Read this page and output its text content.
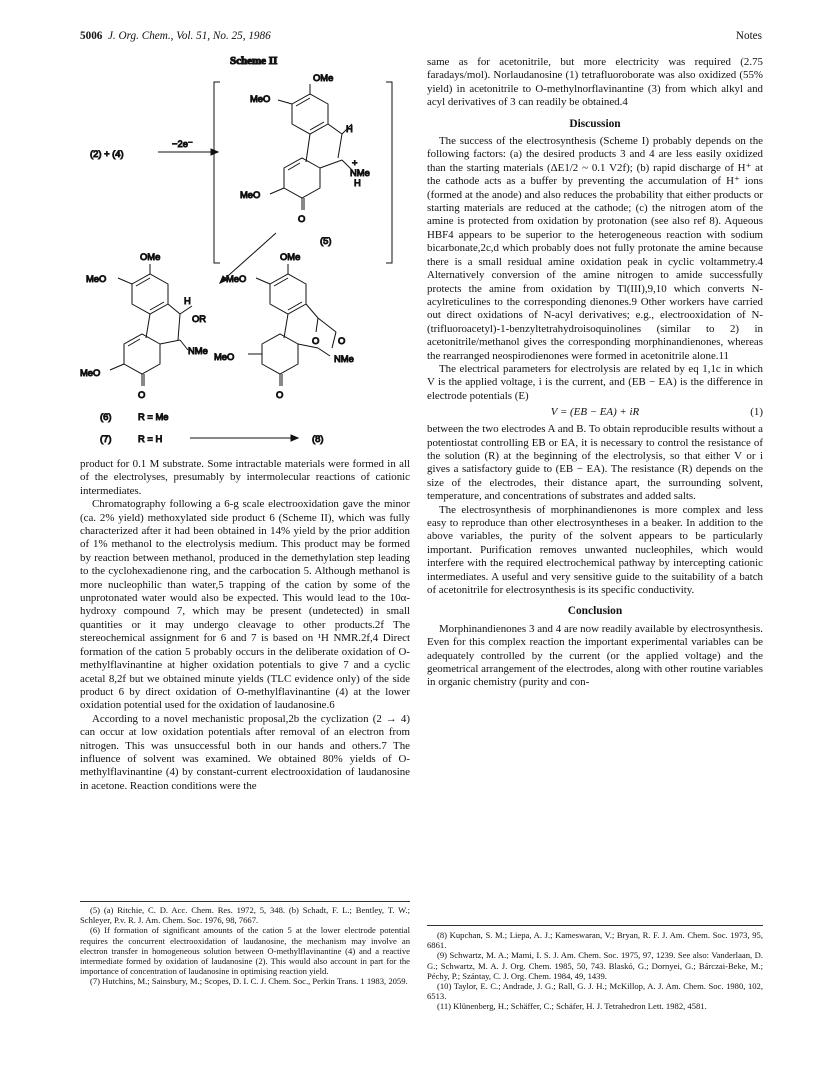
5006 J. Org. Chem., Vol. 51, No. 25, 1986	Notes
Scheme II
(2) + (4)
−2e⁻
OMe
MeO
H
+
NMe
H
MeO
O
(5)
OMe
MeO
H
OR
NMe
MeO
O
OMe
MeO
O O
NMe
MeO
O
(6)	R = Me
(7)	R = H	(8)

product for 0.1 M substrate. Some intractable materials were formed in all of the electrolyses, presumably by intermolecular reactions of cationic intermediates.

Chromatography following a 6-g scale electrooxidation gave the minor (ca. 2% yield) methoxylated side product 6 (Scheme II), which was fully characterized after it had been obtained in 14% yield by the prior addition of 1% methanol to the electrolysis medium. This product may be formed by reaction between methanol, produced in the demethylation step leading to the cyclohexadienone ring, and the carbocation 5. Although methanol is more nucleophilic than water,5 trapping of the cation by some of the unprotonated water would also be expected. This would lead to the 10α-hydroxy compound 7, which may be present (undetected) in small quantities or it may undergo cleavage to other products.2f The stereochemical assignment for 6 and 7 is based on ¹H NMR.2f,4 Direct formation of the cation 5 probably occurs in the deliberate oxidation of O-methylflavinantine at higher oxidation potentials to give 7 and a cyclic acetal 8,2f but we obtained minute yields (TLC evidence only) of the side product 6 by direct oxidation of O-methylflavinantine (4) at the lower oxidation potential used for the oxidation of laudanosine.6

According to a novel mechanistic proposal,2b the cyclization (2 → 4) can occur at low oxidation potentials after removal of an electron from nitrogen. This was unsuccessful both in our hands and others.7 The influence of solvent was examined. We obtained 80% yields of O-methylflavinantine (4) by constant-current electrooxidation of laudanosine in acetone. Reaction conditions were the

same as for acetonitrile, but more electricity was required (2.75 faradays/mol). Norlaudanosine (1) tetrafluoroborate was also oxidized (55% yield) in acetonitrile to O-methylnorflavinantine (3) from which alkyl and acyl derivatives of 3 can readily be obtained.4

Discussion

The success of the electrosynthesis (Scheme I) probably depends on the following factors: (a) the desired products 3 and 4 are less easily oxidized than the starting materials (ΔE1/2 ~ 0.1 V2f); (b) rapid discharge of H⁺ at the cathode acts as a buffer by preventing the accumulation of H⁺ ions (formed at the anode) and also reduces the probability that either products or starting materials are reduced at the cathode; (c) the nitrogen atom of the amine is protected from oxidation by protonation (see also ref 8). Aqueous HBF4 appears to be superior to the heterogeneous reaction with sodium bicarbonate,2c,d which probably does not fully protonate the amine because there is a small residual amine oxidation peak in cyclic voltammetry.4 Alternatively conversion of the amine nitrogen to amide successfully protects the amine from oxidation by Tl(III),9,10 which converts N-acylreticulines to the corresponding dienones.9 Other workers have carried out direct oxidations of N-acyl derivatives; e.g., electrooxidation of N-(trifluoroacetyl)-1-benzyltetrahydroisoquinolines (similar to 2) in acetonitrile/methanol gives the corresponding morphinandienones, whereas the rearranged neospirodienones were formed in acetonitrile alone.11

The electrical parameters for electrolysis are related by eq 1,1c in which V is the applied voltage, i is the current, and (EB − EA) is the difference in electrode potentials (E)

V = (EB − EA) + iR	(1)

between the two electrodes A and B. To obtain reproducible results without a potentiostat controlling EB or EA, it is necessary to control the resistance of the solution (R) at the beginning of the electrolysis, so that either V or i gives a satisfactory guide to (EB − EA). The resistance (R) depends on the size of the electrodes, their distance apart, the surrounding solvent, temperature, and concentrations of substrates and added salts.

The electrosynthesis of morphinandienones is more complex and less easy to reproduce than other electrosyntheses in a beaker. In addition to the above variables, the purity of the solvent appears to be particularly important. Purification removes unwanted nucleophiles, which would interfere with the required electrochemical pathway by intercepting cationic intermediates. A useful and very sensitive guide to the suitability of a batch of acetonitrile for electrosynthesis is its specific conductivity.

Conclusion

Morphinandienones 3 and 4 are now readily available by electrosynthesis. Even for this complex reaction the important experimental variables can be adequately controlled by the current (or the applied voltage) and the geometrical arrangement of the electrodes, along with other routine variables in organic chemistry (purity and con-

(5) (a) Ritchie, C. D. Acc. Chem. Res. 1972, 5, 348. (b) Schadt, F. L.; Bentley, T. W.; Schleyer, P.v. R. J. Am. Chem. Soc. 1976, 98, 7667.

(6) If formation of significant amounts of the cation 5 at the lower electrode potential requires the concurrent electrooxidation of laudanosine, the mechanism may involve an electron transfer in homogeneous solution between O-methylflavinantine (4) and a reactive intermediate formed by oxidation of laudanosine (2). This would also account in part for the importance of concentration of laudanosine in optimising reaction yield.

(7) Hutchins, M.; Sainsbury, M.; Scopes, D. I. C. J. Chem. Soc., Perkin Trans. 1 1983, 2059.

(8) Kupchan, S. M.; Liepa, A. J.; Kameswaran, V.; Bryan, R. F. J. Am. Chem. Soc. 1973, 95, 6861.

(9) Schwartz, M. A.; Mami, I. S. J. Am. Chem. Soc. 1975, 97, 1239. See also: Vanderlaan, D. G.; Schwartz, M. A. J. Org. Chem. 1985, 50, 743. Blaskó, G.; Dornyei, G.; Bárczai-Beke, M.; Péchy, P.; Szántay, C. J. Org. Chem. 1984, 49, 1439.

(10) Taylor, E. C.; Andrade, J. G.; Rall, G. J. H.; McKillop, A. J. Am. Chem. Soc. 1980, 102, 6513.

(11) Klünenberg, H.; Schäffer, C.; Schäfer, H. J. Tetrahedron Lett. 1982, 4581.
